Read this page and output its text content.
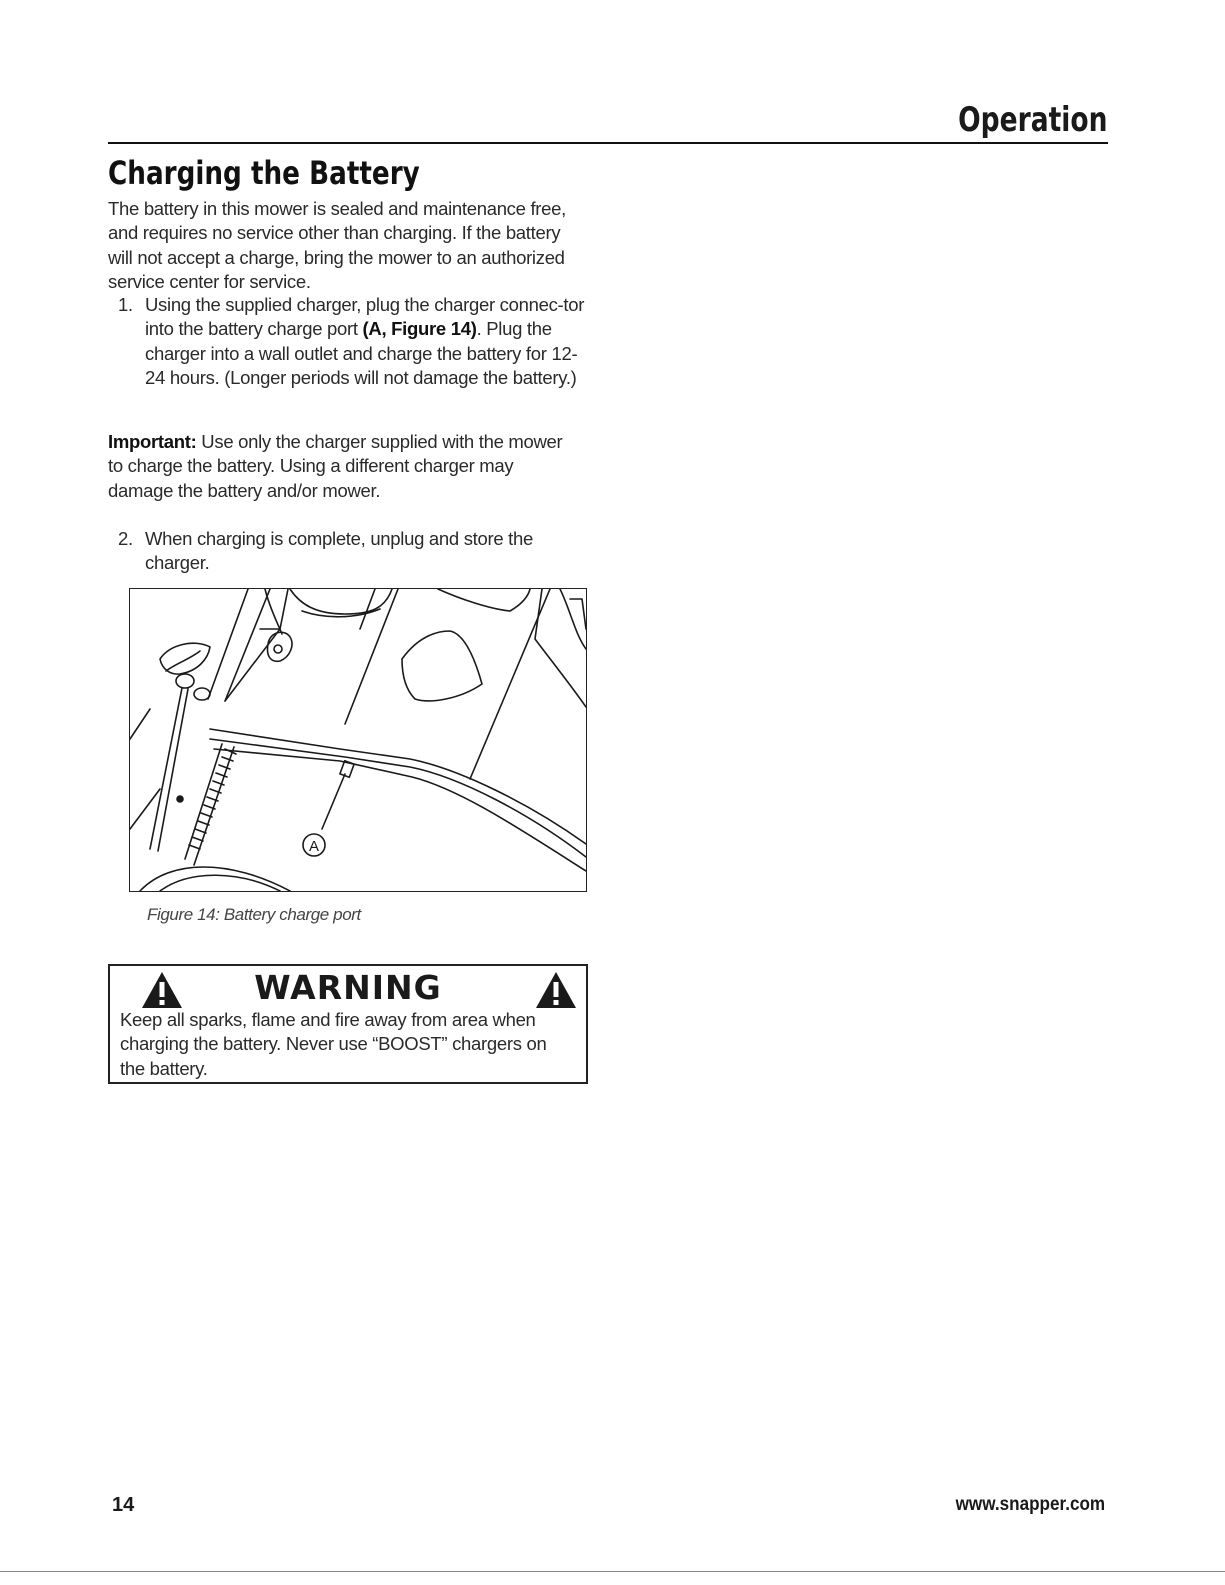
Operation
Charging the Battery
The battery in this mower is sealed and maintenance free, and requires no service other than charging. If the battery will not accept a charge, bring the mower to an authorized service center for service.
1. Using the supplied charger, plug the charger connec-tor into the battery charge port (A, Figure 14). Plug the charger into a wall outlet and charge the battery for 12-24 hours. (Longer periods will not damage the battery.)
Important: Use only the charger supplied with the mower to charge the battery. Using a different charger may damage the battery and/or mower.
2. When charging is complete, unplug and store the charger.
A
Figure 14: Battery charge port
WARNING
Keep all sparks, flame and fire away from area when charging the battery. Never use “BOOST” chargers on the battery.
14	www.snapper.com
